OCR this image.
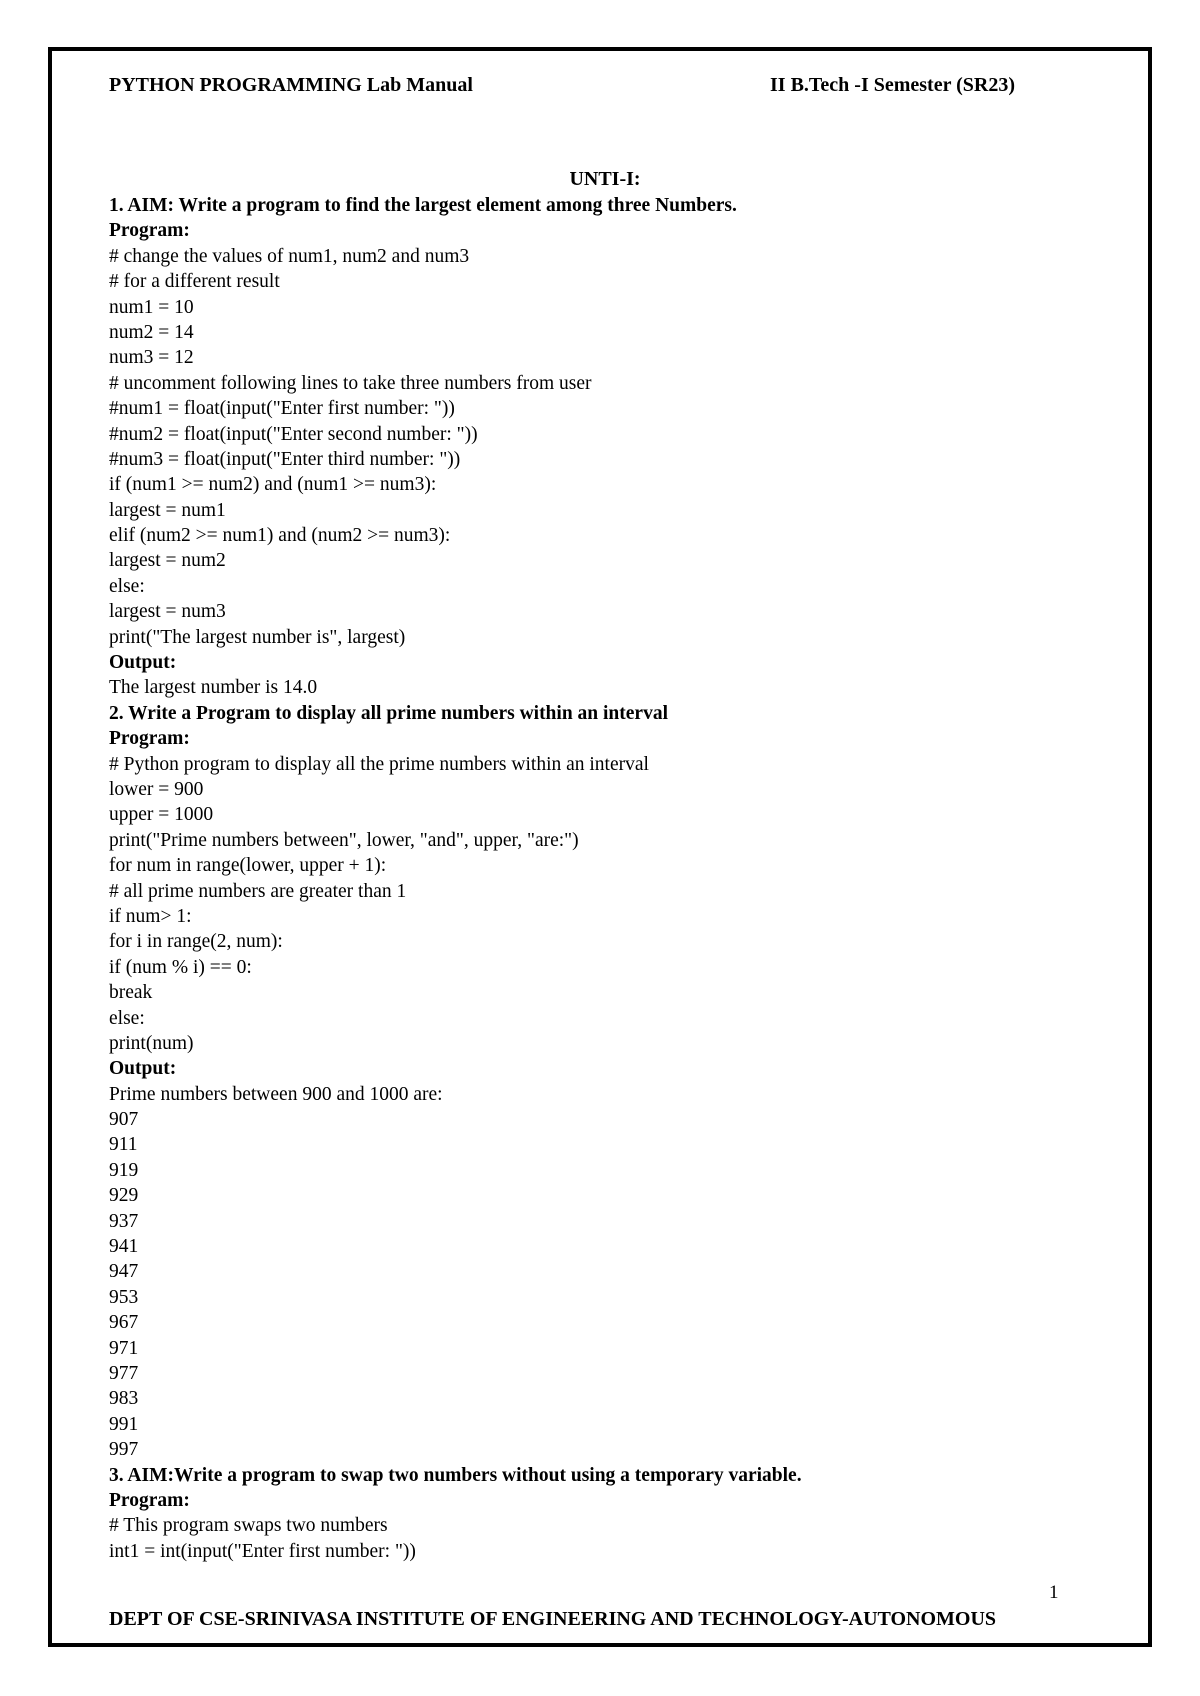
PYTHON PROGRAMMING Lab Manual	II B.Tech -I Semester (SR23)
UNTI-I:
1. AIM: Write a program to find the largest element among three Numbers.
Program:
# change the values of num1, num2 and num3
# for a different result
num1 = 10
num2 = 14
num3 = 12
# uncomment following lines to take three numbers from user
#num1 = float(input("Enter first number: "))
#num2 = float(input("Enter second number: "))
#num3 = float(input("Enter third number: "))
if (num1 >= num2) and (num1 >= num3):
largest = num1
elif (num2 >= num1) and (num2 >= num3):
largest = num2
else:
largest = num3
print("The largest number is", largest)
Output:
The largest number is 14.0
2. Write a Program to display all prime numbers within an interval
Program:
# Python program to display all the prime numbers within an interval
lower = 900
upper = 1000
print("Prime numbers between", lower, "and", upper, "are:")
for num in range(lower, upper + 1):
# all prime numbers are greater than 1
if num> 1:
for i in range(2, num):
if (num % i) == 0:
break
else:
print(num)
Output:
Prime numbers between 900 and 1000 are:
907
911
919
929
937
941
947
953
967
971
977
983
991
997
3. AIM:Write a program to swap two numbers without using a temporary variable.
Program:
# This program swaps two numbers
int1 = int(input("Enter first number: "))
1
DEPT OF CSE-SRINIVASA INSTITUTE OF ENGINEERING AND TECHNOLOGY-AUTONOMOUS
